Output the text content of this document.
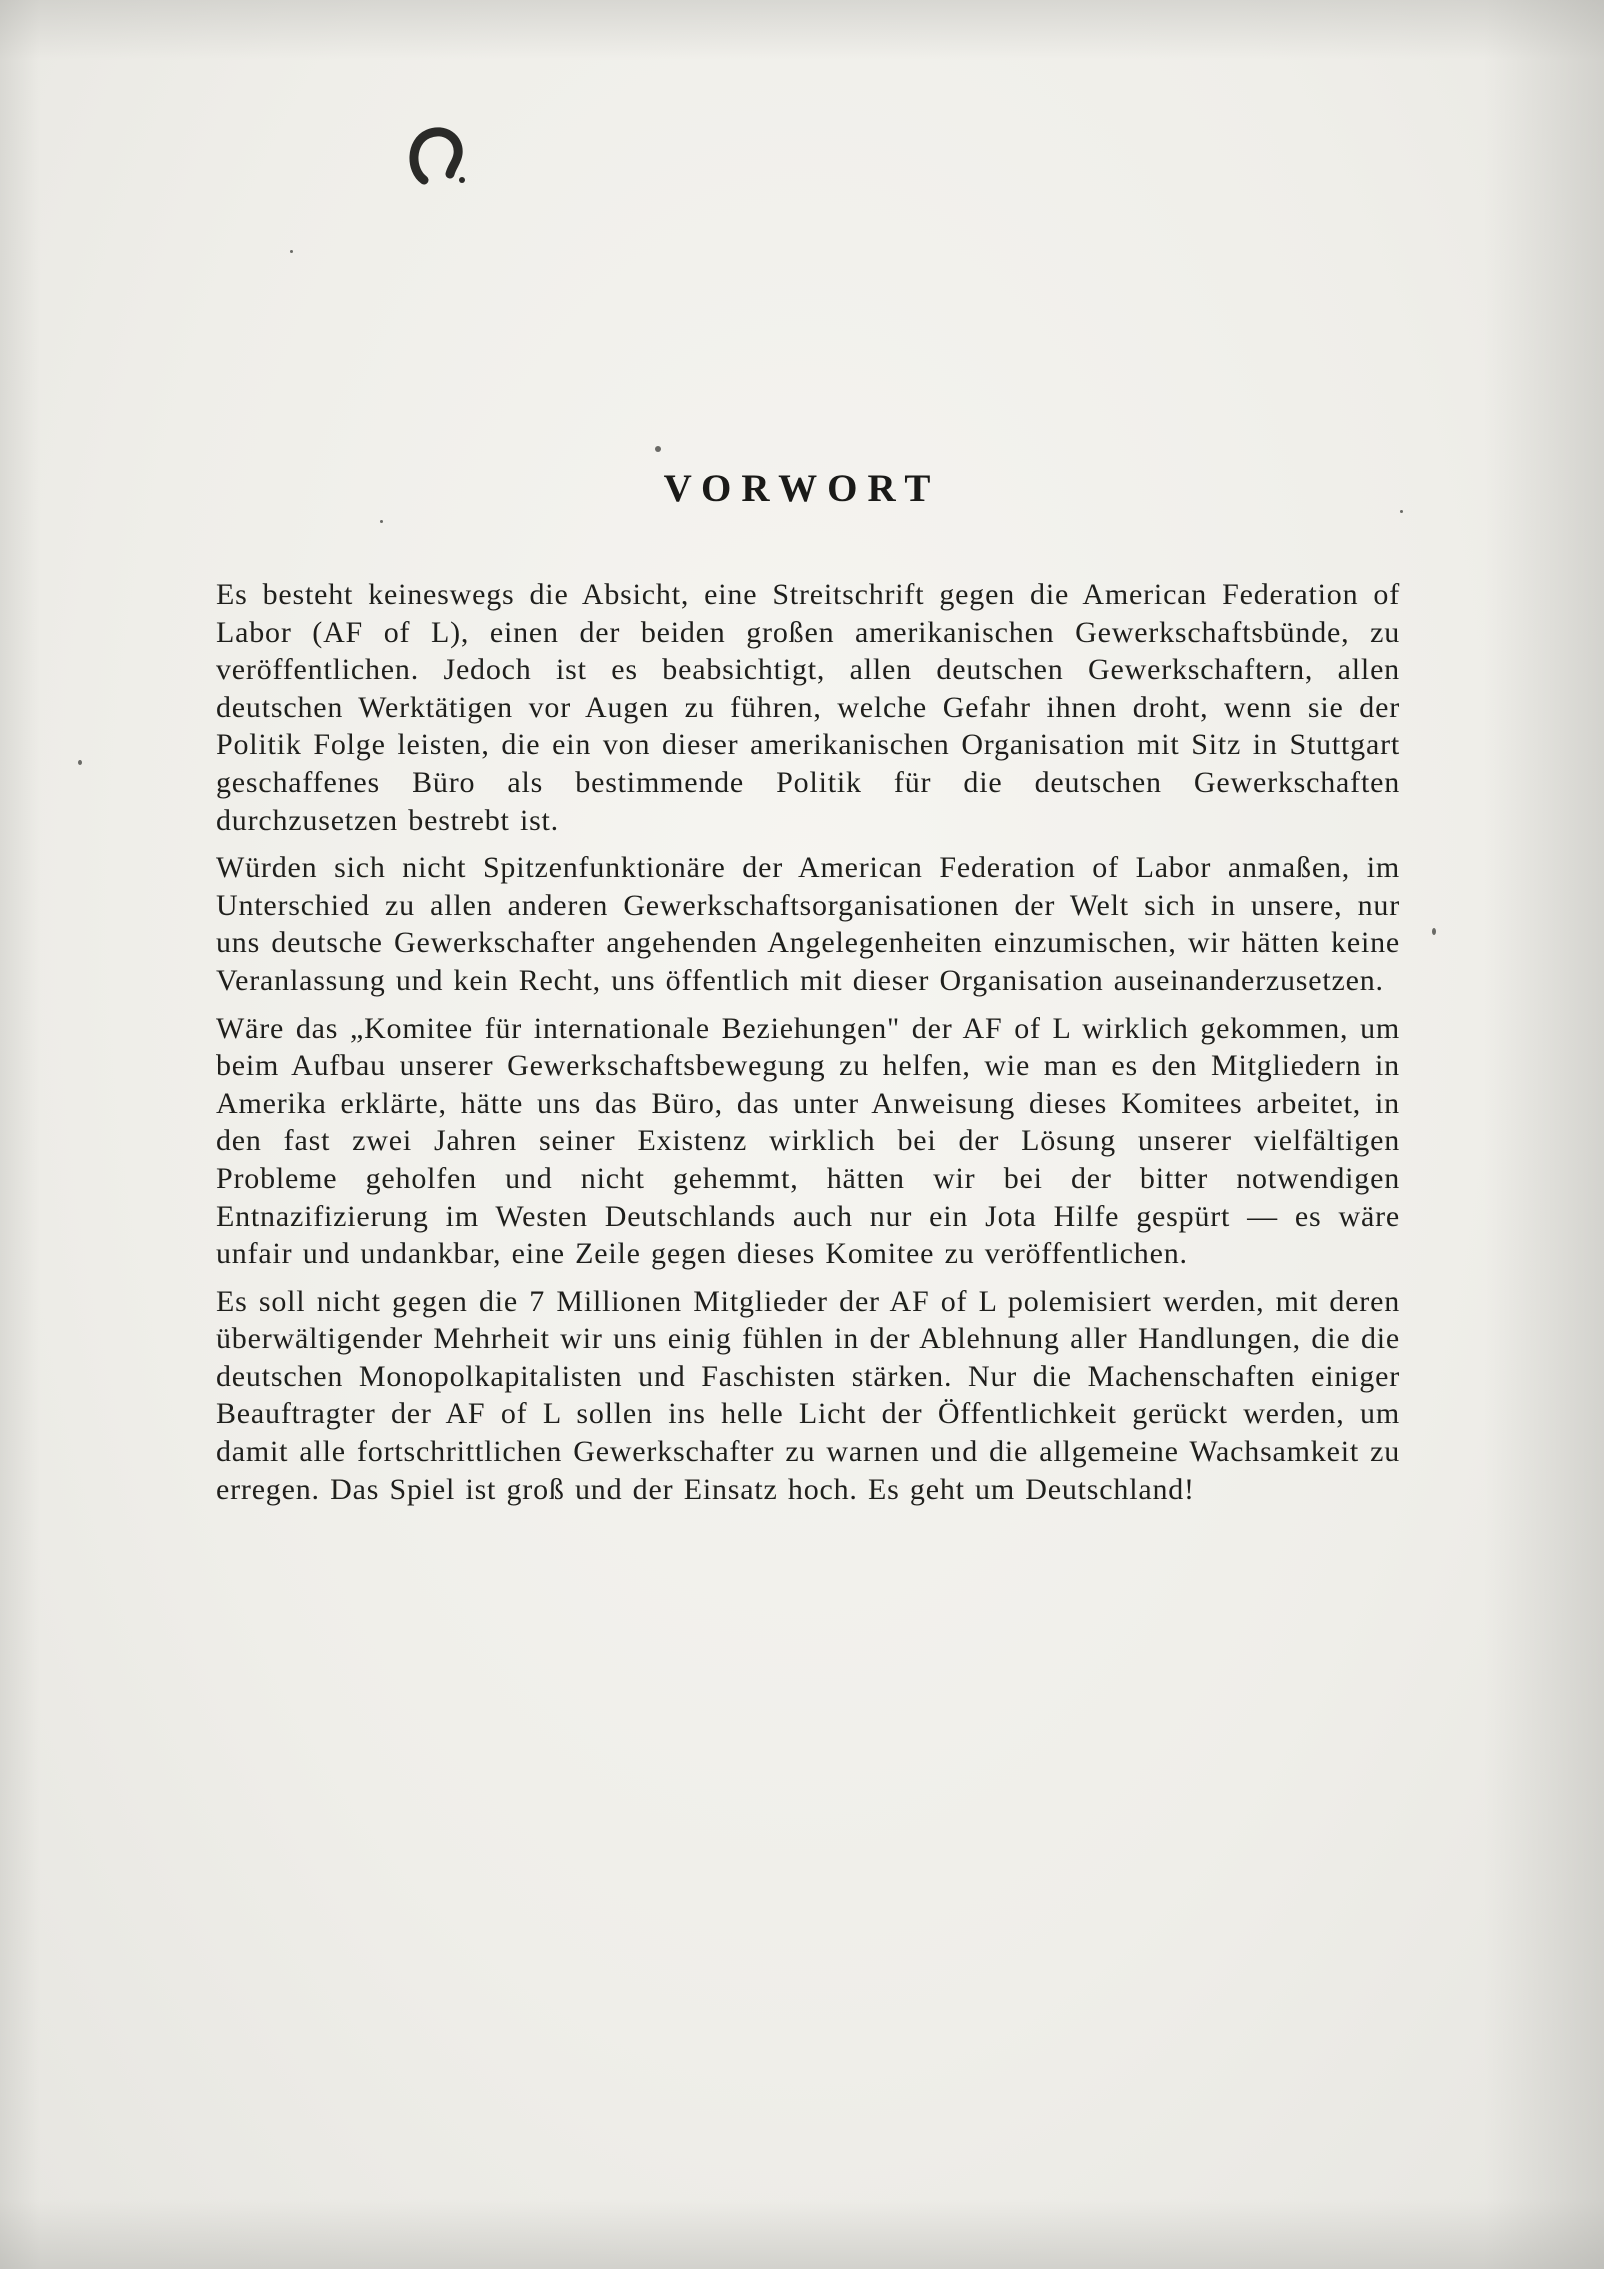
VORWORT

Es besteht keineswegs die Absicht, eine Streitschrift gegen die American Federation of Labor (AF of L), einen der beiden großen amerikanischen Gewerkschaftsbünde, zu veröffentlichen. Jedoch ist es beabsichtigt, allen deutschen Gewerkschaftern, allen deutschen Werktätigen vor Augen zu führen, welche Gefahr ihnen droht, wenn sie der Politik Folge leisten, die ein von dieser amerikanischen Organisation mit Sitz in Stuttgart geschaffenes Büro als bestimmende Politik für die deutschen Gewerkschaften durchzusetzen bestrebt ist.

Würden sich nicht Spitzenfunktionäre der American Federation of Labor anmaßen, im Unterschied zu allen anderen Gewerkschaftsorganisationen der Welt sich in unsere, nur uns deutsche Gewerkschafter angehenden Angelegenheiten einzumischen, wir hätten keine Veranlassung und kein Recht, uns öffentlich mit dieser Organisation auseinanderzusetzen.

Wäre das „Komitee für internationale Beziehungen" der AF of L wirklich gekommen, um beim Aufbau unserer Gewerkschaftsbewegung zu helfen, wie man es den Mitgliedern in Amerika erklärte, hätte uns das Büro, das unter Anweisung dieses Komitees arbeitet, in den fast zwei Jahren seiner Existenz wirklich bei der Lösung unserer vielfältigen Probleme geholfen und nicht gehemmt, hätten wir bei der bitter notwendigen Entnazifizierung im Westen Deutschlands auch nur ein Jota Hilfe gespürt — es wäre unfair und undankbar, eine Zeile gegen dieses Komitee zu veröffentlichen.

Es soll nicht gegen die 7 Millionen Mitglieder der AF of L polemisiert werden, mit deren überwältigender Mehrheit wir uns einig fühlen in der Ablehnung aller Handlungen, die die deutschen Monopolkapitalisten und Faschisten stärken. Nur die Machenschaften einiger Beauftragter der AF of L sollen ins helle Licht der Öffentlichkeit gerückt werden, um damit alle fortschrittlichen Gewerkschafter zu warnen und die allgemeine Wachsamkeit zu erregen. Das Spiel ist groß und der Einsatz hoch. Es geht um Deutschland!
